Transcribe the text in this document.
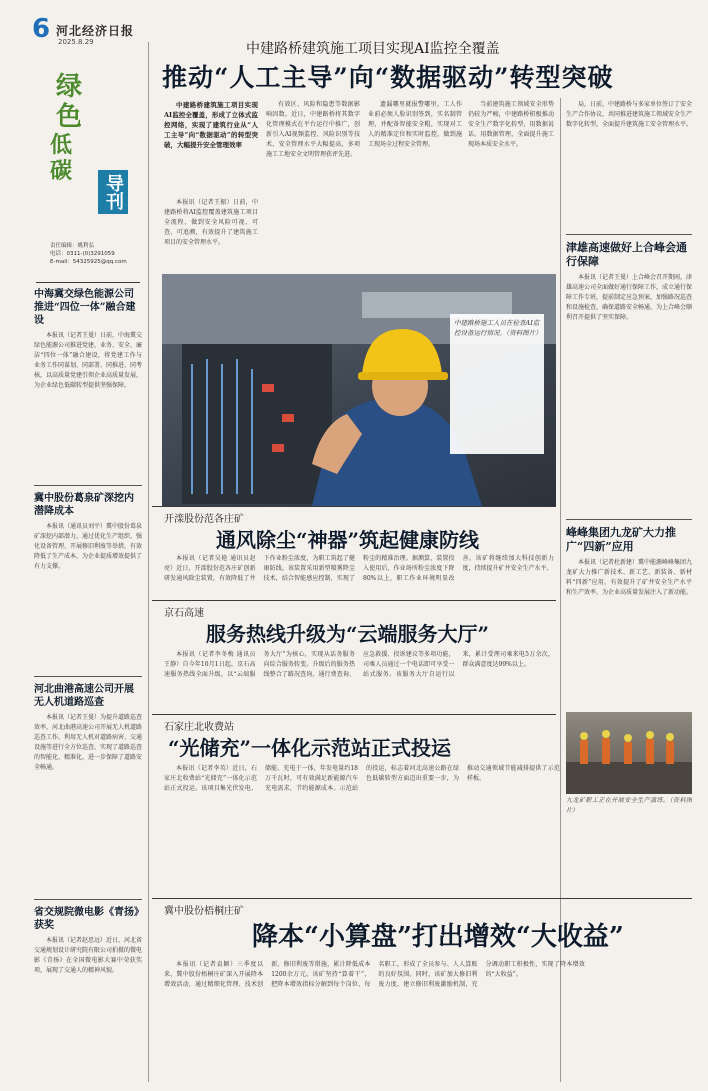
6 河北经济日报
2025.8.29
绿
色
低
碳
导刊
责任编辑：姚利弘
电话：0311-(0)3291059
E-mail：54325925@qq.com
中海冀交绿色能源公司推进“四位一体”融合建设

本报讯（记者王曼）日前，中海冀交绿色能源公司推进党建、业务、安全、廉洁“四位一体”融合建设，将党建工作与业务工作同谋划、同部署、同推进、同考核，以高质量党建引领企业高质量发展，为企业绿色低碳转型提供坚强保障。

冀中股份葛泉矿深挖内潜降成本

本报讯（通讯员刘平）冀中股份葛泉矿深挖内部潜力，通过优化生产组织、强化设备管理、开展修旧利废等举措，有效降低了生产成本，为企业提质增效提供了有力支撑。

河北曲港高速公司开展无人机道路巡查

本报讯（记者王曼）为提升道路巡查效率，河北曲港高速公司开展无人机道路巡查工作，利用无人机对道路病害、交通设施等进行全方位巡查，实现了道路巡查的智能化、精准化，进一步保障了道路安全畅通。

省交规院微电影《青扬》获奖

本报讯（记者赵思远）近日，河北省交通规划设计研究院有限公司拍摄的微电影《青扬》在全国微电影大赛中荣获奖项，展现了交通人的精神风貌。

中建路桥建筑施工项目实现AI监控全覆盖
推动“人工主导”向“数据驱动”转型突破

中建路桥建筑施工项目实现AI监控全覆盖，形成了立体式监控网络，实现了建筑行业从“人工主导”向“数据驱动”的转型突破，大幅提升安全管理效率

本报讯（记者王振）日前，中建路桥将AI监控覆盖建筑施工项目全流程，做到安全风险可视、可查、可追溯，有效提升了建筑施工项目的安全管理水平。

有效区、风险和隐患等数据影响因数。近日，中建路桥将其数字化管理模式在平台运行中推广，创新引入AI视频监控、风险识别等技术，安全管理水平大幅提高，多项施工工地安全文明管理获评先进。

遗漏哪里就报警哪里。工人作业前必须人脸识别签到，实名制管理，并配备智能安全帽，实现对工人的精准定位和实时监控，做到施工现场全过程安全管理。

当前建筑施工领域安全形势仍较为严峻，中建路桥积极推动安全生产数字化转型，用数据说话、用数据管理，全面提升施工现场本质安全水平。

中建路桥施工人员在检查AI监控设备运行情况。（资料图片）

局，日前，中建路桥与多家单位签订了安全生产合作协议，共同推进建筑施工领域安全生产数字化转型，全面提升建筑施工安全管理水平。

津雄高速做好上合峰会通行保障

本报讯（记者王曼）上合峰会召开期间，津雄高速公司全面做好通行保障工作，成立通行保障工作专班，提前制定应急预案，加强路况巡查和设施检查，确保道路安全畅通，为上合峰会顺利召开提供了坚实保障。

峰峰集团九龙矿大力推广“四新”应用

本报讯（记者杜新建）冀中能源峰峰集团九龙矿大力推广新技术、新工艺、新装备、新材料“四新”应用，有效提升了矿井安全生产水平和生产效率，为企业高质量发展注入了新动能。

九龙矿职工正在开展安全生产演练。（资料图片）
开滦股份范各庄矿
通风除尘“神器”筑起健康防线

本报讯（记者吴艳 通讯员赵亮）近日，开滦股份范各庄矿创新研发通风除尘装置，有效降低了井下作业粉尘浓度，为职工筑起了健康防线。该装置采用新型喷雾降尘技术，结合智能感应控制，实现了粉尘的精准治理。据测算，装置投入使用后，作业场所粉尘浓度下降80%以上，职工作业环境明显改善。该矿将继续加大科技创新力度，持续提升矿井安全生产水平。

京石高速
服务热线升级为“云端服务大厅”

本报讯（记者李冬梅 通讯员王静）自今年10月1日起，京石高速服务热线全面升级，以“云端服务大厅”为核心，实现从话务服务向综合服务转变。升级后的服务热线整合了路况查询、通行费查询、应急救援、投诉建议等多项功能，司乘人员通过一个电话即可享受一站式服务。该服务大厅自运行以来，累计受理司乘来电5万余次，群众满意度达99%以上。

石家庄北收费站
“光储充”一体化示范站正式投运

本报讯（记者李英）近日，石家庄北收费站“光储充”一体化示范站正式投运。该项目集光伏发电、储能、充电于一体，年发电量约18万千瓦时，可有效满足新能源汽车充电需求，节约能源成本。示范站的投运，标志着河北高速公路在绿色低碳转型方面迈出重要一步，为推动交通领域节能减排提供了示范样板。

冀中股份梧桐庄矿
降本“小算盘”打出增效“大收益”

本报讯（记者袁颖）三季度以来，冀中股份梧桐庄矿深入开展降本增效活动，通过精细化管理、技术创新、修旧利废等措施，累计降低成本1200余万元。该矿坚持“算着干”，把降本增效指标分解到每个岗位、每名职工，形成了全员参与、人人算账的良好氛围。同时，该矿加大修旧利废力度，建立修旧利废激励机制，充分调动职工积极性，实现了降本增效的“大收益”。
